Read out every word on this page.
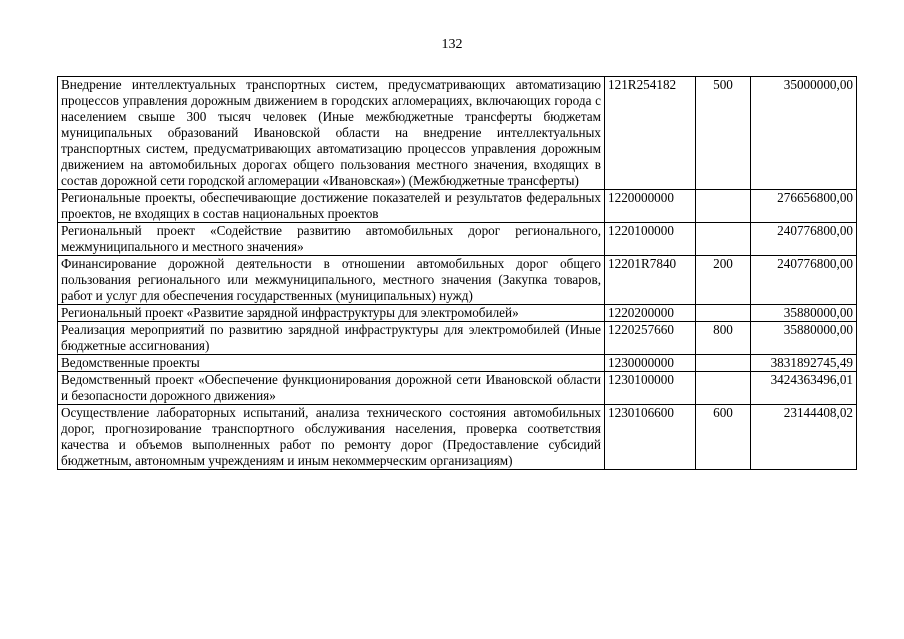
132
Внедрение интеллектуальных транспортных систем, предусматривающих автоматизацию процессов управления дорожным движением в городских агломерациях, включающих города с населением свыше 300 тысяч человек (Иные межбюджетные трансферты бюджетам муниципальных образований Ивановской области на внедрение интеллектуальных транспортных систем, предусматривающих автоматизацию процессов управления дорожным движением на автомобильных дорогах общего пользования местного значения, входящих в состав дорожной сети городской агломерации «Ивановская») (Межбюджетные трансферты)	121R254182	500	35000000,00
Региональные проекты, обеспечивающие достижение показателей и результатов федеральных проектов, не входящих в состав национальных проектов	1220000000		276656800,00
Региональный проект «Содействие развитию автомобильных дорог регионального, межмуниципального и местного значения»	1220100000		240776800,00
Финансирование дорожной деятельности в отношении автомобильных дорог общего пользования регионального или межмуниципального, местного значения (Закупка товаров, работ и услуг для обеспечения государственных (муниципальных) нужд)	12201R7840	200	240776800,00
Региональный проект «Развитие зарядной инфраструктуры для электромобилей»	1220200000		35880000,00
Реализация мероприятий по развитию зарядной инфраструктуры для электромобилей (Иные бюджетные ассигнования)	1220257660	800	35880000,00
Ведомственные проекты	1230000000		3831892745,49
Ведомственный проект «Обеспечение функционирования дорожной сети Ивановской области и безопасности дорожного движения»	1230100000		3424363496,01
Осуществление лабораторных испытаний, анализа технического состояния автомобильных дорог, прогнозирование транспортного обслуживания населения, проверка соответствия качества и объемов выполненных работ по ремонту дорог (Предоставление субсидий бюджетным, автономным учреждениям и иным некоммерческим организациям)	1230106600	600	23144408,02
